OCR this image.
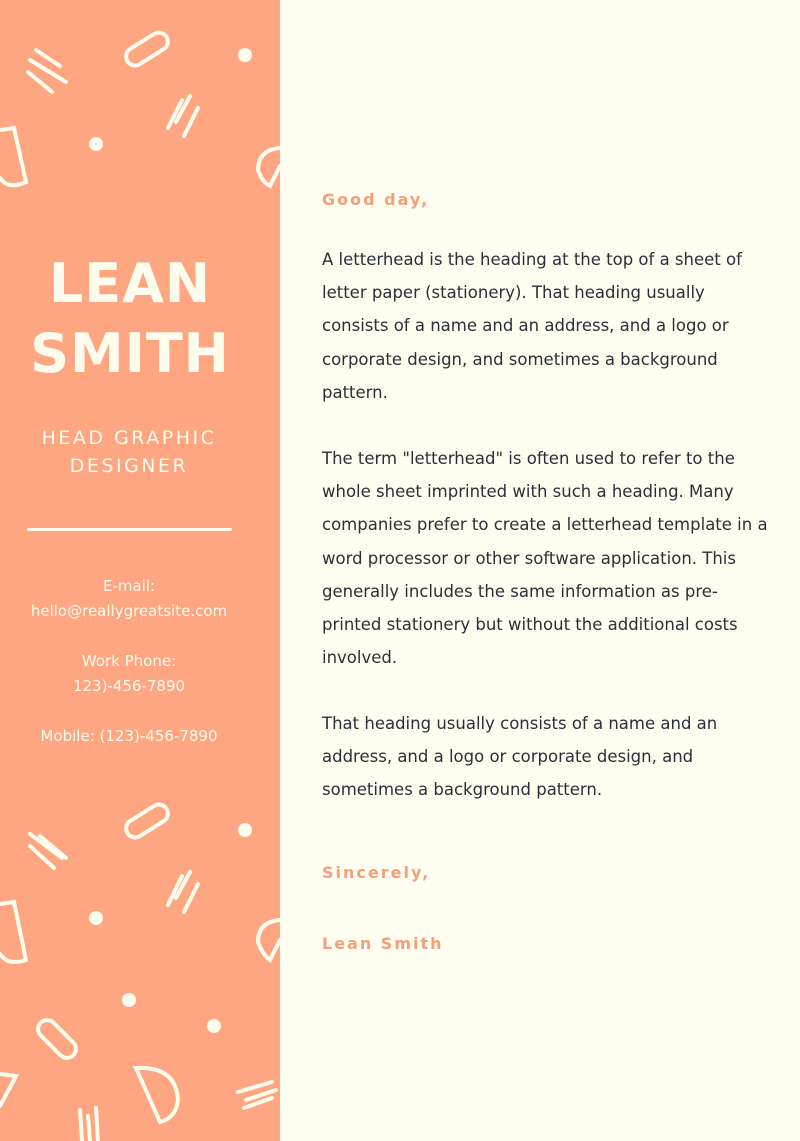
LEAN
SMITH
HEAD GRAPHIC
DESIGNER
E-mail:
hello@reallygreatsite.com
Work Phone:
123)-456-7890
Mobile: (123)-456-7890
Good day,
A letterhead is the heading at the top of a sheet of letter paper (stationery). That heading usually consists of a name and an address, and a logo or corporate design, and sometimes a background pattern.
The term "letterhead" is often used to refer to the whole sheet imprinted with such a heading. Many companies prefer to create a letterhead template in a word processor or other software application. This generally includes the same information as pre-printed stationery but without the additional costs involved.
That heading usually consists of a name and an address, and a logo or corporate design, and sometimes a background pattern.
Sincerely,
Lean Smith
